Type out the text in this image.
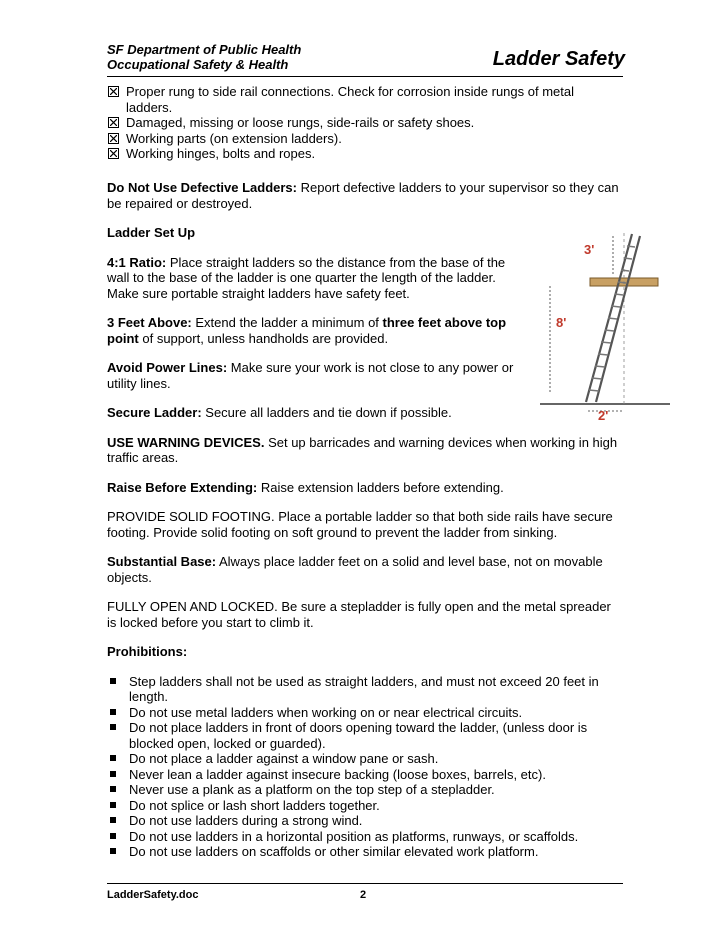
SF Department of Public Health
Occupational Safety & Health	Ladder Safety
Proper rung to side rail connections. Check for corrosion inside rungs of metal ladders.
Damaged, missing or loose rungs, side-rails or safety shoes.
Working parts (on extension ladders).
Working hinges, bolts and ropes.

Do Not Use Defective Ladders: Report defective ladders to your supervisor so they can be repaired or destroyed.

Ladder Set Up

4:1 Ratio: Place straight ladders so the distance from the base of the wall to the base of the ladder is one quarter the length of the ladder. Make sure portable straight ladders have safety feet.

3 Feet Above: Extend the ladder a minimum of three feet above top point of support, unless handholds are provided.

Avoid Power Lines: Make sure your work is not close to any power or utility lines.

Secure Ladder: Secure all ladders and tie down if possible.

USE WARNING DEVICES. Set up barricades and warning devices when working in high traffic areas.

Raise Before Extending: Raise extension ladders before extending.

PROVIDE SOLID FOOTING. Place a portable ladder so that both side rails have secure footing. Provide solid footing on soft ground to prevent the ladder from sinking.

Substantial Base: Always place ladder feet on a solid and level base, not on movable objects.

FULLY OPEN AND LOCKED. Be sure a stepladder is fully open and the metal spreader is locked before you start to climb it.

Prohibitions:

Step ladders shall not be used as straight ladders, and must not exceed 20 feet in length.
Do not use metal ladders when working on or near electrical circuits.
Do not place ladders in front of doors opening toward the ladder, (unless door is blocked open, locked or guarded).
Do not place a ladder against a window pane or sash.
Never lean a ladder against insecure backing (loose boxes, barrels, etc).
Never use a plank as a platform on the top step of a stepladder.
Do not splice or lash short ladders together.
Do not use ladders during a strong wind.
Do not use ladders in a horizontal position as platforms, runways, or scaffolds.
Do not use ladders on scaffolds or other similar elevated work platform.
LadderSafety.doc	2
3'
8'
2'
